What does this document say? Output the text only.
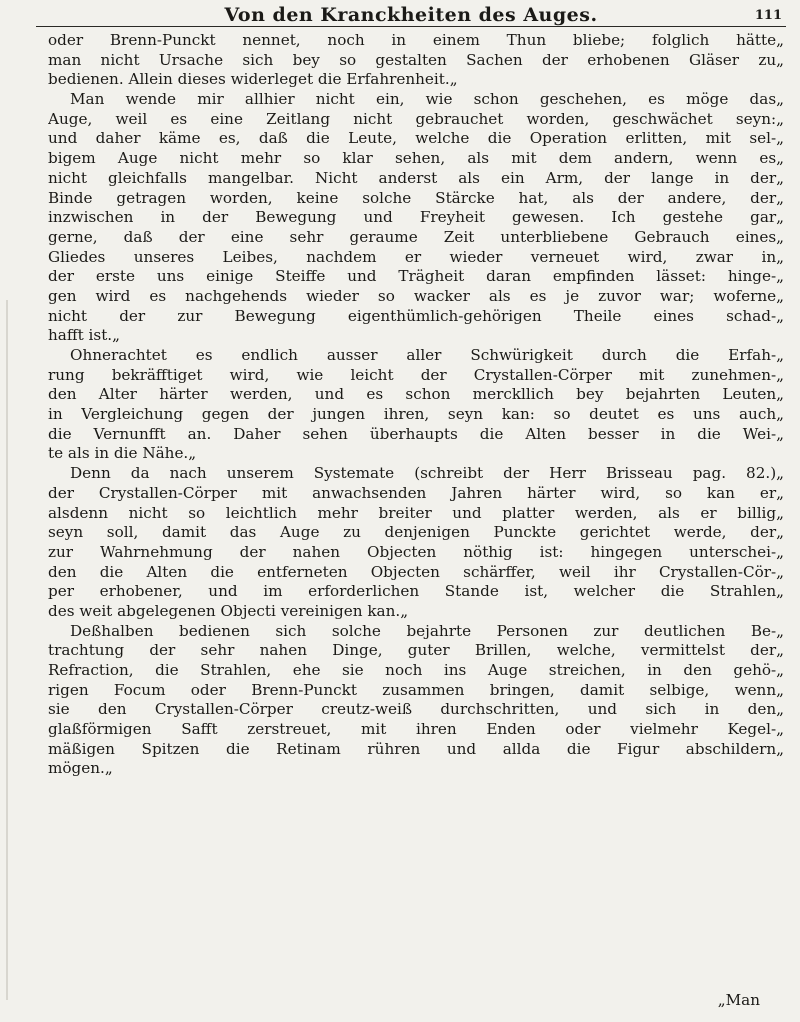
Von den Kranckheiten des Auges.	111
oder Brenn-Punckt nennet, noch in einem Thun bliebe; folglich hätte„
man nicht Ursache sich bey so gestalten Sachen der erhobenen Gläser zu„
bedienen. Allein dieses widerleget die Erfahrenheit.„
Man wende mir allhier nicht ein, wie schon geschehen, es möge das„
Auge, weil es eine Zeitlang nicht gebrauchet worden, geschwächet seyn:„
und daher käme es, daß die Leute, welche die Operation erlitten, mit sel-„
bigem Auge nicht mehr so klar sehen, als mit dem andern, wenn es„
nicht gleichfalls mangelbar. Nicht anderst als ein Arm, der lange in der„
Binde getragen worden, keine solche Stärcke hat, als der andere, der„
inzwischen in der Bewegung und Freyheit gewesen. Ich gestehe gar„
gerne, daß der eine sehr geraume Zeit unterbliebene Gebrauch eines„
Gliedes unseres Leibes, nachdem er wieder verneuet wird, zwar in„
der erste uns einige Steiffe und Trägheit daran empfinden lässet: hinge-„
gen wird es nachgehends wieder so wacker als es je zuvor war; woferne„
nicht der zur Bewegung eigenthümlich-gehörigen Theile eines schad-„
hafft ist.„
Ohnerachtet es endlich ausser aller Schwürigkeit durch die Erfah-„
rung bekräfftiget wird, wie leicht der Crystallen-Cörper mit zunehmen-„
den Alter härter werden, und es schon merckllich bey bejahrten Leuten„
in Vergleichung gegen der jungen ihren, seyn kan: so deutet es uns auch„
die Vernunfft an. Daher sehen überhaupts die Alten besser in die Wei-„
te als in die Nähe.„
Denn da nach unserem Systemate (schreibt der Herr Brisseau pag. 82.)„
der Crystallen-Cörper mit anwachsenden Jahren härter wird, so kan er„
alsdenn nicht so leichtlich mehr breiter und platter werden, als er billig„
seyn soll, damit das Auge zu denjenigen Punckte gerichtet werde, der„
zur Wahrnehmung der nahen Objecten nöthig ist: hingegen unterschei-„
den die Alten die entferneten Objecten schärffer, weil ihr Crystallen-Cör-„
per erhobener, und im erforderlichen Stande ist, welcher die Strahlen„
des weit abgelegenen Objecti vereinigen kan.„
Deßhalben bedienen sich solche bejahrte Personen zur deutlichen Be-„
trachtung der sehr nahen Dinge, guter Brillen, welche, vermittelst der„
Refraction, die Strahlen, ehe sie noch ins Auge streichen, in den gehö-„
rigen Focum oder Brenn-Punckt zusammen bringen, damit selbige, wenn„
sie den Crystallen-Cörper creutz-weiß durchschritten, und sich in den„
glaßförmigen Safft zerstreuet, mit ihren Enden oder vielmehr Kegel-„
mäßigen Spitzen die Retinam rühren und allda die Figur abschildern„
mögen.„
„Man
